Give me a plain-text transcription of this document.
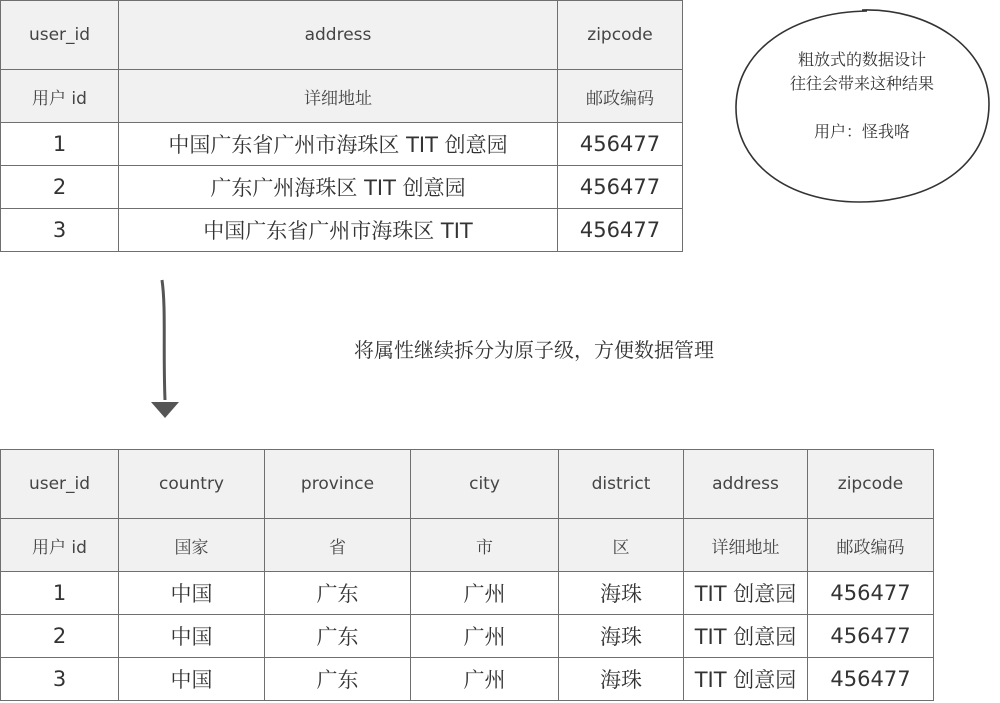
user_id	address	zipcode
用户 id	详细地址	邮政编码
1	中国广东省广州市海珠区 TIT 创意园	456477
2	广东广州海珠区 TIT 创意园	456477
3	中国广东省广州市海珠区 TIT	456477
粗放式的数据设计
往往会带来这种结果
用户：怪我咯
将属性继续拆分为原子级，方便数据管理
user_id	country	province	city	district	address	zipcode
用户 id	国家	省	市	区	详细地址	邮政编码
1	中国	广东	广州	海珠	TIT 创意园	456477
2	中国	广东	广州	海珠	TIT 创意园	456477
3	中国	广东	广州	海珠	TIT 创意园	456477
